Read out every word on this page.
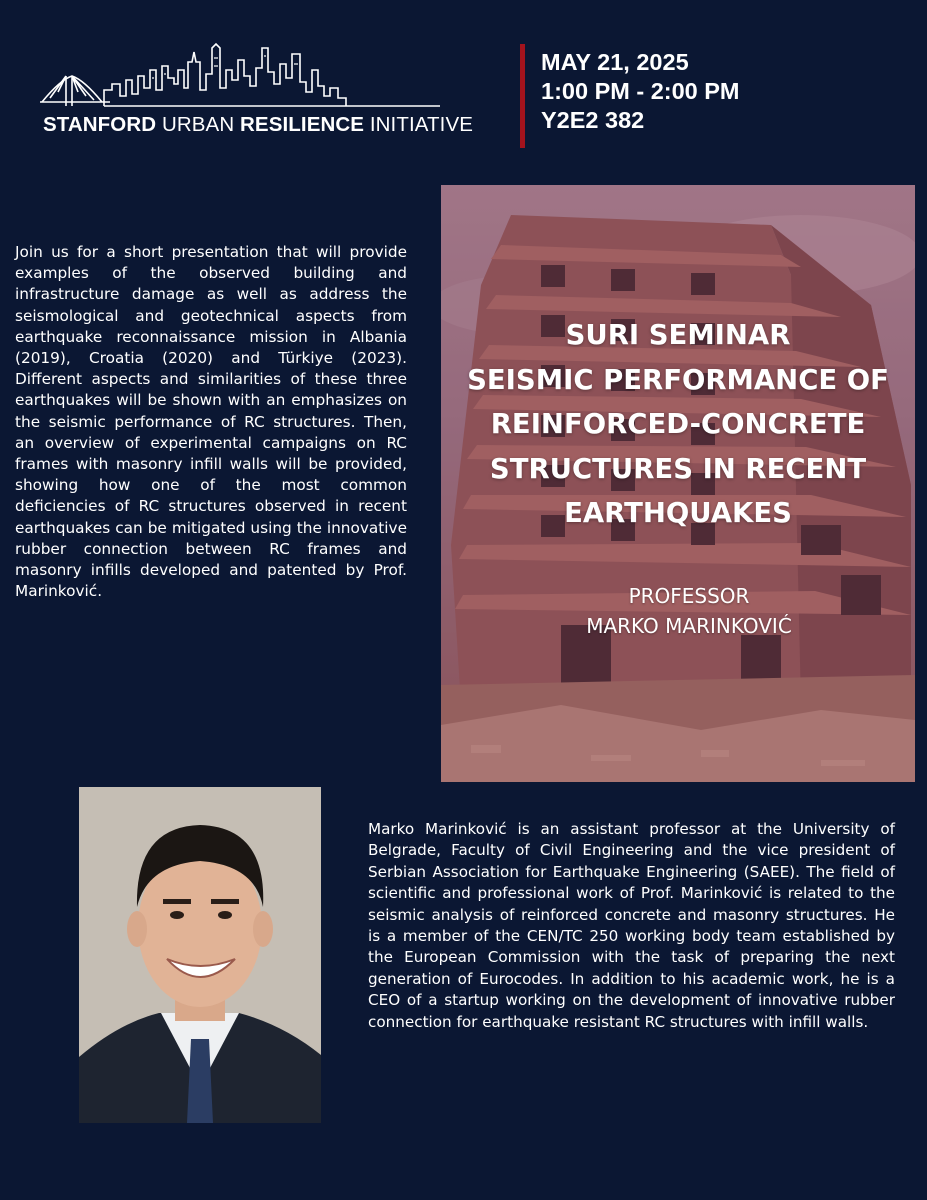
STANFORD URBAN RESILIENCE INITIATIVE
MAY 21, 2025
1:00 PM - 2:00 PM
Y2E2 382
Join us for a short presentation that will provide examples of the observed building and infrastructure damage as well as address the seismological and geotechnical aspects from earthquake reconnaissance mission in Albania (2019), Croatia (2020) and Türkiye (2023). Different aspects and similarities of these three earthquakes will be shown with an emphasizes on the seismic performance of RC structures. Then, an overview of experimental campaigns on RC frames with masonry infill walls will be provided, showing how one of the most common deficiencies of RC structures observed in recent earthquakes can be mitigated using the innovative rubber connection between RC frames and masonry infills developed and patented by Prof. Marinković.
SURI SEMINAR
SEISMIC PERFORMANCE OF
REINFORCED-CONCRETE
STRUCTURES IN RECENT
EARTHQUAKES
PROFESSOR
MARKO MARINKOVIĆ
Marko Marinković is an assistant professor at the University of Belgrade, Faculty of Civil Engineering and the vice president of Serbian Association for Earthquake Engineering (SAEE). The field of scientific and professional work of Prof. Marinković is related to the seismic analysis of reinforced concrete and masonry structures. He is a member of the CEN/TC 250 working body team established by the European Commission with the task of preparing the next generation of Eurocodes. In addition to his academic work, he is a CEO of a startup working on the development of innovative rubber connection for earthquake resistant RC structures with infill walls.
